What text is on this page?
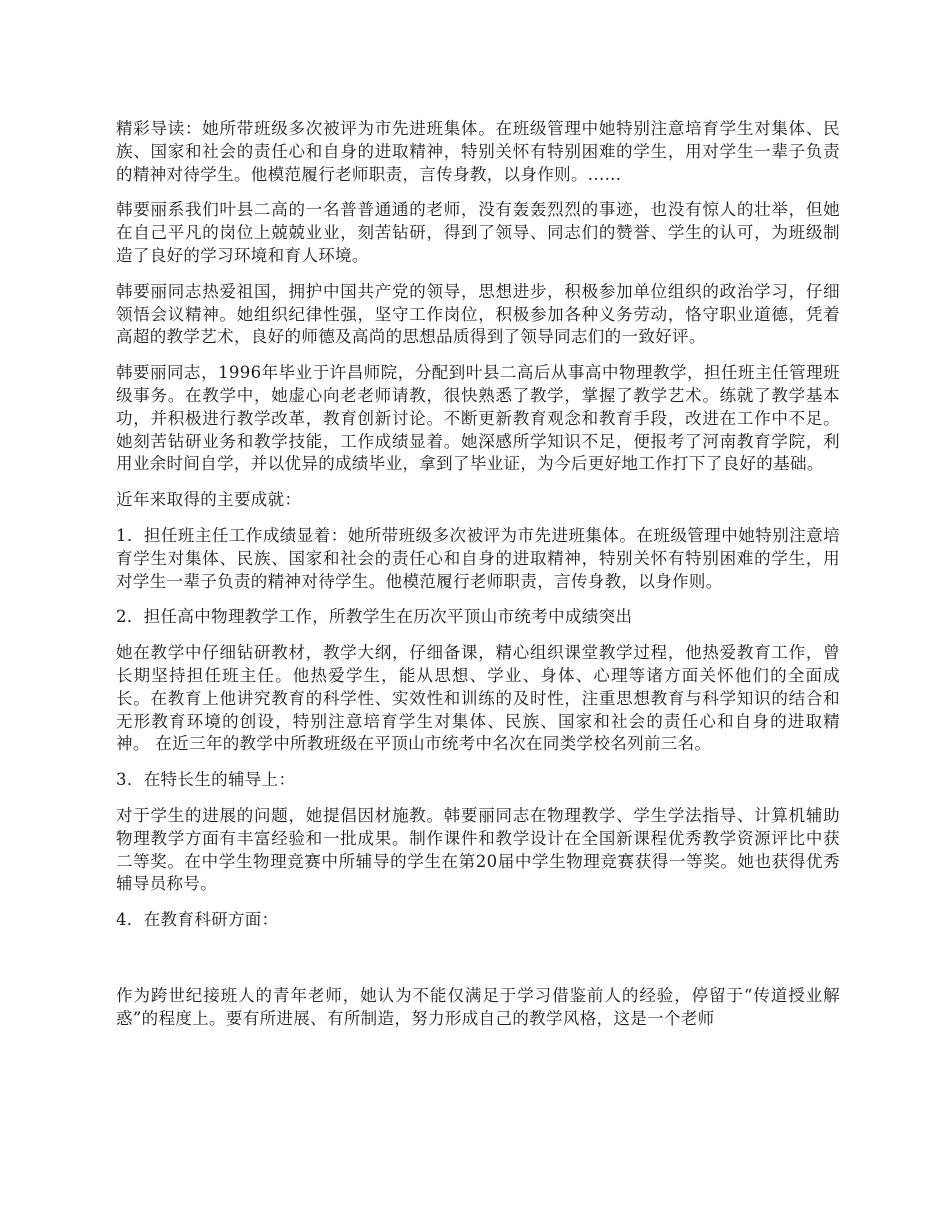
精彩导读：她所带班级多次被评为市先进班集体。在班级管理中她特别注意培育学生对集体、民族、国家和社会的责任心和自身的进取精神，特别关怀有特别困难的学生，用对学生一辈子负责的精神对待学生。他模范履行老师职责，言传身教，以身作则。......

韩要丽系我们叶县二高的一名普普通通的老师，没有轰轰烈烈的事迹，也没有惊人的壮举，但她在自己平凡的岗位上兢兢业业，刻苦钻研，得到了领导、同志们的赞誉、学生的认可，为班级制造了良好的学习环境和育人环境。

韩要丽同志热爱祖国，拥护中国共产党的领导，思想进步，积极参加单位组织的政治学习，仔细领悟会议精神。她组织纪律性强，坚守工作岗位，积极参加各种义务劳动，恪守职业道德，凭着高超的教学艺术，良好的师德及高尚的思想品质得到了领导同志们的一致好评。

韩要丽同志，1996年毕业于许昌师院，分配到叶县二高后从事高中物理教学，担任班主任管理班级事务。在教学中，她虚心向老老师请教，很快熟悉了教学，掌握了教学艺术。练就了教学基本功，并积极进行教学改革，教育创新讨论。不断更新教育观念和教育手段，改进在工作中不足。她刻苦钻研业务和教学技能，工作成绩显着。她深感所学知识不足，便报考了河南教育学院，利用业余时间自学，并以优异的成绩毕业，拿到了毕业证，为今后更好地工作打下了良好的基础。

近年来取得的主要成就：

1．担任班主任工作成绩显着：她所带班级多次被评为市先进班集体。在班级管理中她特别注意培育学生对集体、民族、国家和社会的责任心和自身的进取精神，特别关怀有特别困难的学生，用对学生一辈子负责的精神对待学生。他模范履行老师职责，言传身教，以身作则。

2．担任高中物理教学工作，所教学生在历次平顶山市统考中成绩突出

她在教学中仔细钻研教材，教学大纲，仔细备课，精心组织课堂教学过程，他热爱教育工作，曾长期坚持担任班主任。他热爱学生，能从思想、学业、身体、心理等诸方面关怀他们的全面成长。在教育上他讲究教育的科学性、实效性和训练的及时性，注重思想教育与科学知识的结合和无形教育环境的创设，特别注意培育学生对集体、民族、国家和社会的责任心和自身的进取精神。 在近三年的教学中所教班级在平顶山市统考中名次在同类学校名列前三名。

3．在特长生的辅导上：

对于学生的进展的问题，她提倡因材施教。韩要丽同志在物理教学、学生学法指导、计算机辅助物理教学方面有丰富经验和一批成果。制作课件和教学设计在全国新课程优秀教学资源评比中获二等奖。在中学生物理竞赛中所辅导的学生在第20届中学生物理竞赛获得一等奖。她也获得优秀辅导员称号。

4．在教育科研方面：

作为跨世纪接班人的青年老师，她认为不能仅满足于学习借鉴前人的经验，停留于“传道授业解惑”的程度上。要有所进展、有所制造，努力形成自己的教学风格，这是一个老师
